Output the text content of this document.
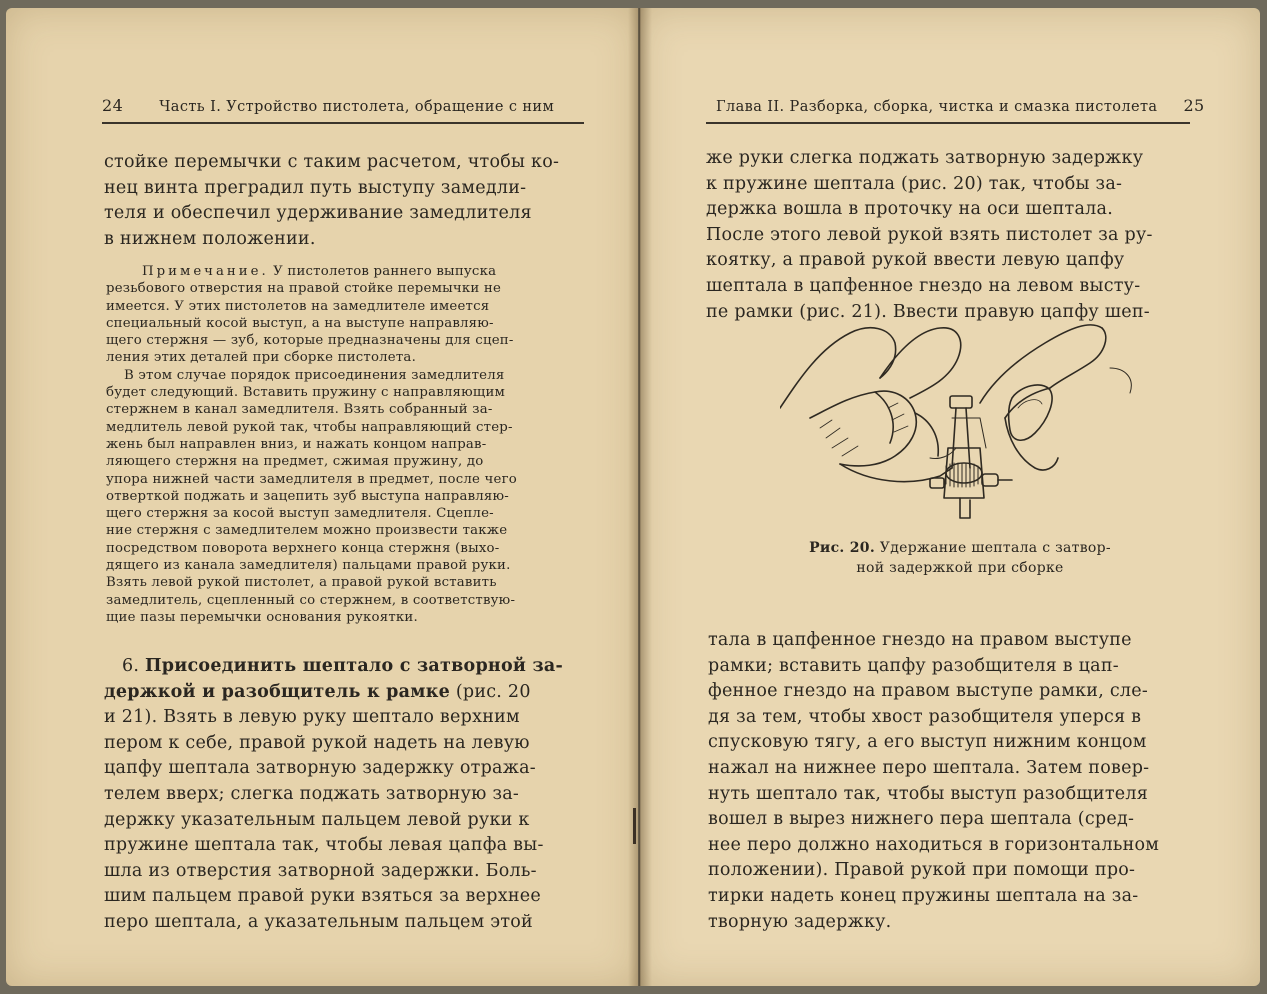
24 Часть I. Устройство пистолета, обращение с ним
стойке перемычки с таким расчетом, чтобы ко-
нец винта преградил путь выступу замедли-
теля и обеспечил удерживание замедлителя
в нижнем положении.
Примечание. У пистолетов раннего выпуска
резьбового отверстия на правой стойке перемычки не
имеется. У этих пистолетов на замедлителе имеется
специальный косой выступ, а на выступе направляю-
щего стержня — зуб, которые предназначены для сцеп-
ления этих деталей при сборке пистолета.
В этом случае порядок присоединения замедлителя
будет следующий. Вставить пружину с направляющим
стержнем в канал замедлителя. Взять собранный за-
медлитель левой рукой так, чтобы направляющий стер-
жень был направлен вниз, и нажать концом направ-
ляющего стержня на предмет, сжимая пружину, до
упора нижней части замедлителя в предмет, после чего
отверткой поджать и зацепить зуб выступа направляю-
щего стержня за косой выступ замедлителя. Сцепле-
ние стержня с замедлителем можно произвести также
посредством поворота верхнего конца стержня (выхо-
дящего из канала замедлителя) пальцами правой руки.
Взять левой рукой пистолет, а правой рукой вставить
замедлитель, сцепленный со стержнем, в соответствую-
щие пазы перемычки основания рукоятки.
6. Присоединить шептало с затворной за-
держкой и разобщитель к рамке (рис. 20
и 21). Взять в левую руку шептало верхним
пером к себе, правой рукой надеть на левую
цапфу шептала затворную задержку отража-
телем вверх; слегка поджать затворную за-
держку указательным пальцем левой руки к
пружине шептала так, чтобы левая цапфа вы-
шла из отверстия затворной задержки. Боль-
шим пальцем правой руки взяться за верхнее
перо шептала, а указательным пальцем этой
Глава II. Разборка, сборка, чистка и смазка пистолета 25
же руки слегка поджать затворную задержку
к пружине шептала (рис. 20) так, чтобы за-
держка вошла в проточку на оси шептала.
После этого левой рукой взять пистолет за ру-
коятку, а правой рукой ввести левую цапфу
шептала в цапфенное гнездо на левом высту-
пе рамки (рис. 21). Ввести правую цапфу шеп-
тала в цапфенное гнездо на правом выступе
рамки; вставить цапфу разобщителя в цап-
фенное гнездо на правом выступе рамки, сле-
дя за тем, чтобы хвост разобщителя уперся в
спусковую тягу, а его выступ нижним концом
нажал на нижнее перо шептала. Затем повер-
нуть шептало так, чтобы выступ разобщителя
вошел в вырез нижнего пера шептала (сред-
нее перо должно находиться в горизонтальном
положении). Правой рукой при помощи про-
тирки надеть конец пружины шептала на за-
творную задержку.
Рис. 20. Удержание шептала с затвор-
ной задержкой при сборке
